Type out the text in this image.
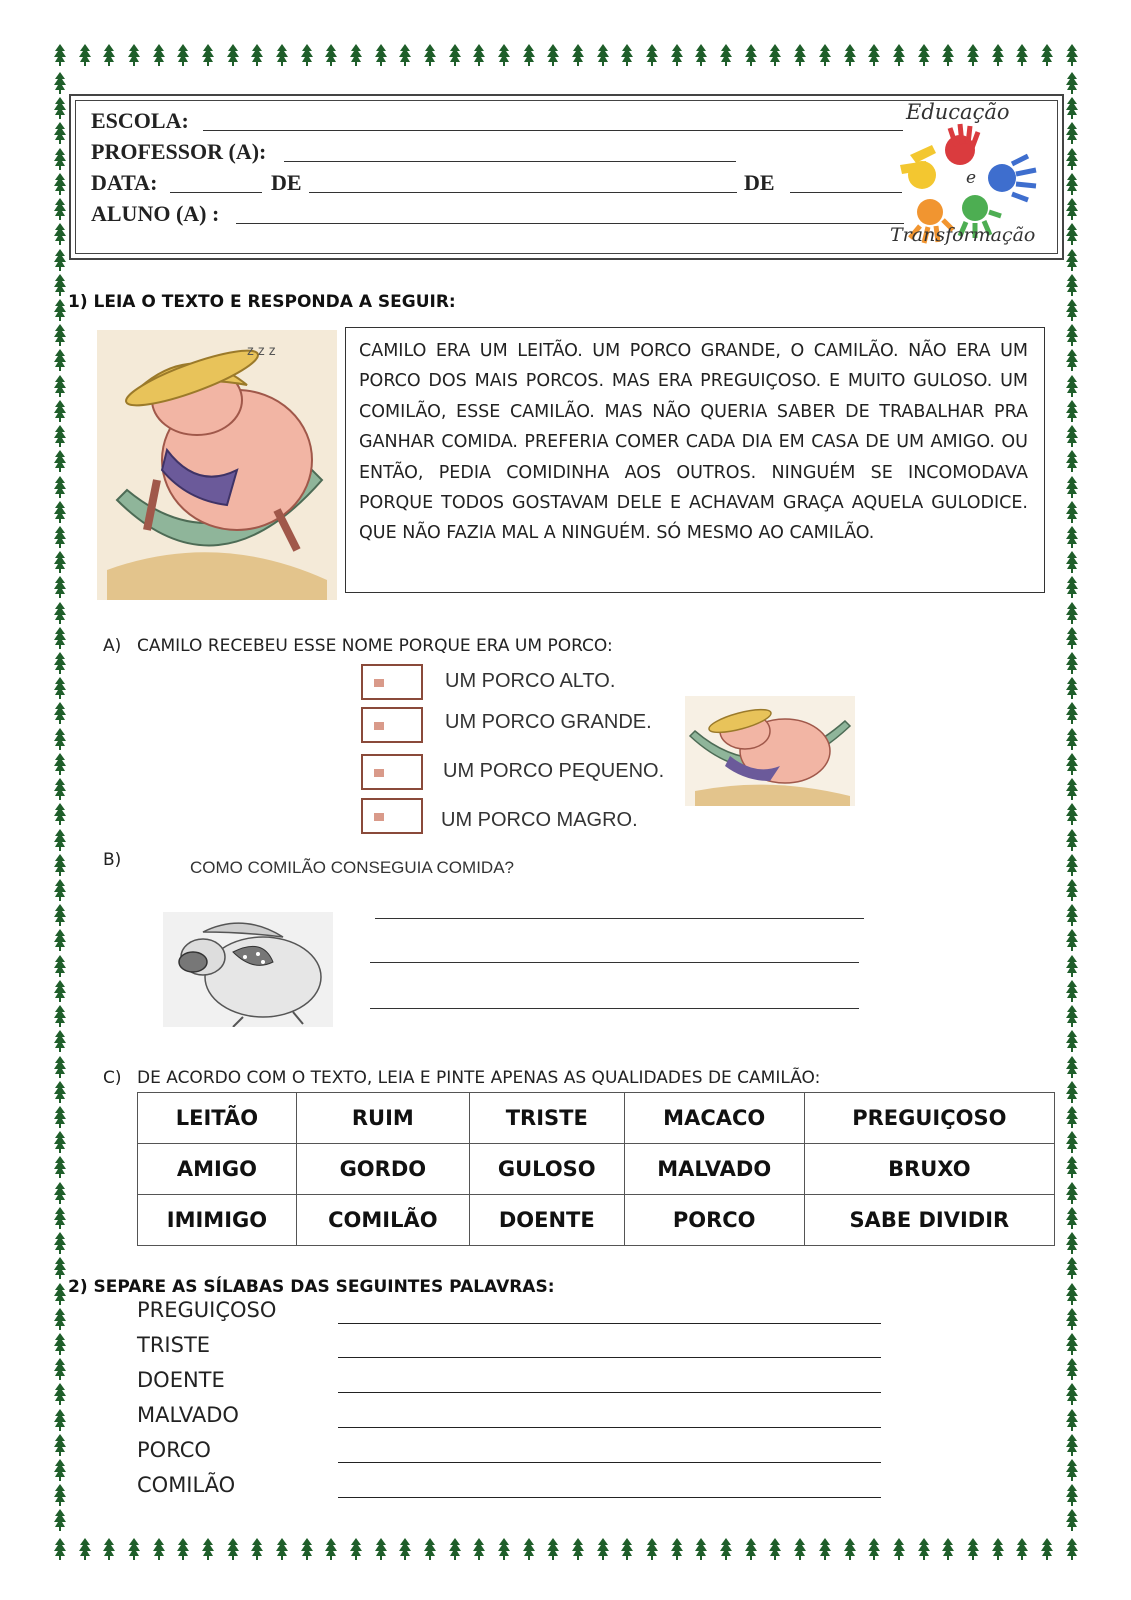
ESCOLA:
PROFESSOR (A):
DATA:	DE	DE
ALUNO (A) :
Educação
e
Transformação
1) LEIA O TEXTO E RESPONDA A SEGUIR:
CAMILO ERA UM LEITÃO. UM PORCO GRANDE, O CAMILÃO. NÃO ERA UM PORCO DOS MAIS PORCOS. MAS ERA PREGUIÇOSO. E MUITO GULOSO. UM COMILÃO, ESSE CAMILÃO. MAS NÃO QUERIA SABER DE TRABALHAR PRA GANHAR COMIDA. PREFERIA COMER CADA DIA EM CASA DE UM AMIGO. OU ENTÃO, PEDIA COMIDINHA AOS OUTROS. NINGUÉM SE INCOMODAVA PORQUE TODOS GOSTAVAM DELE E ACHAVAM GRAÇA AQUELA GULODICE. QUE NÃO FAZIA MAL A NINGUÉM. SÓ MESMO AO CAMILÃO.
A) CAMILO RECEBEU ESSE NOME PORQUE ERA UM PORCO:
UM PORCO ALTO.
UM PORCO GRANDE.
UM PORCO PEQUENO.
UM PORCO MAGRO.
B)	COMO COMILÃO CONSEGUIA COMIDA?
C) DE ACORDO COM O TEXTO, LEIA E PINTE APENAS AS QUALIDADES DE CAMILÃO:
LEITÃO	RUIM	TRISTE	MACACO	PREGUIÇOSO
AMIGO	GORDO	GULOSO	MALVADO	BRUXO
IMIMIGO	COMILÃO	DOENTE	PORCO	SABE DIVIDIR
2) SEPARE AS SÍLABAS DAS SEGUINTES PALAVRAS:
PREGUIÇOSO
TRISTE
DOENTE
MALVADO
PORCO
COMILÃO
